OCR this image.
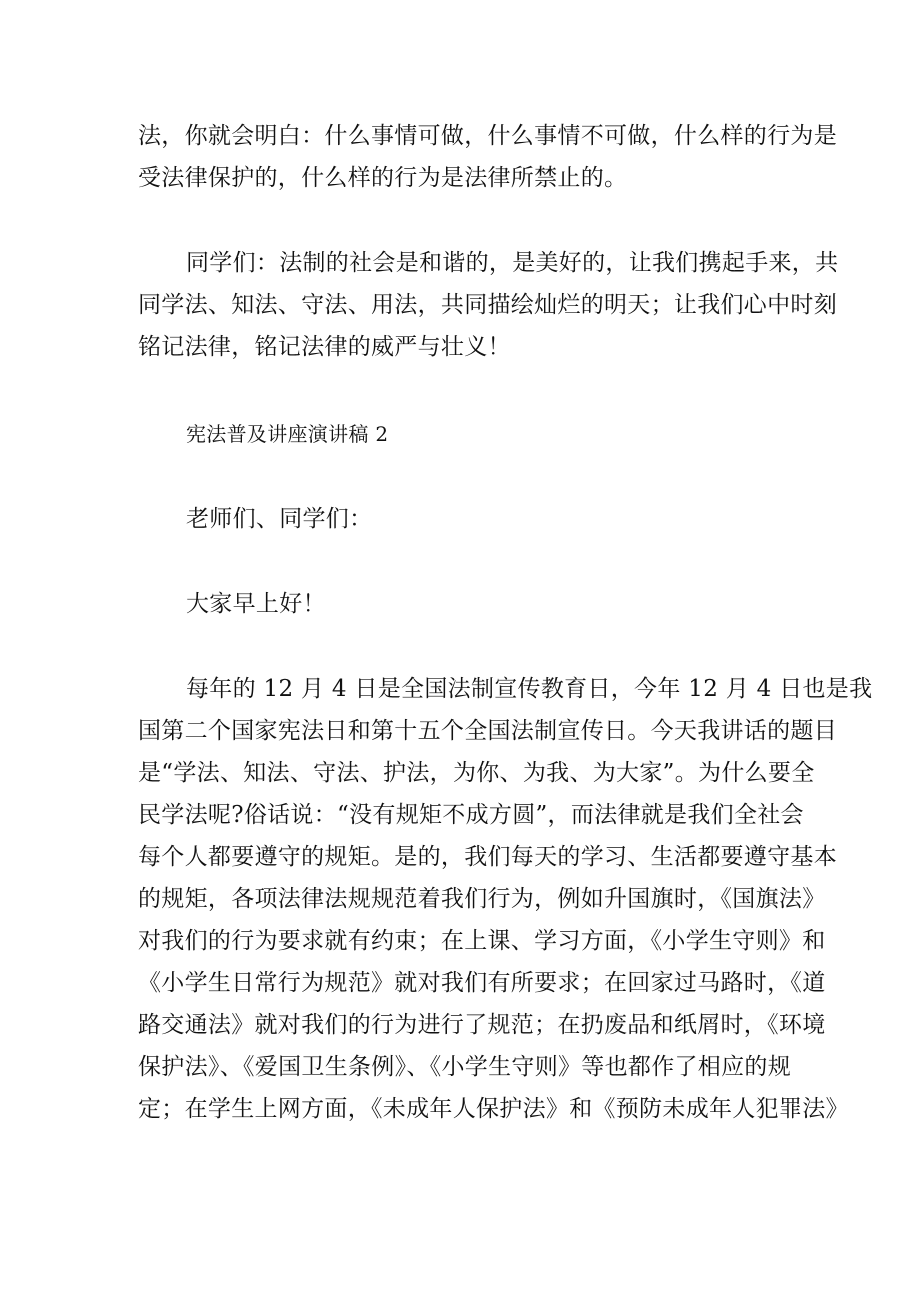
法，你就会明白：什么事情可做，什么事情不可做，什么样的行为是
受法律保护的，什么样的行为是法律所禁止的。
同学们：法制的社会是和谐的，是美好的，让我们携起手来，共
同学法、知法、守法、用法，共同描绘灿烂的明天；让我们心中时刻
铭记法律，铭记法律的威严与壮义！
宪法普及讲座演讲稿 2
老师们、同学们：
大家早上好！
每年的 12 月 4 日是全国法制宣传教育日，今年 12 月 4 日也是我
国第二个国家宪法日和第十五个全国法制宣传日。今天我讲话的题目
是“学法、知法、守法、护法，为你、为我、为大家”。为什么要全
民学法呢?俗话说：“没有规矩不成方圆”，而法律就是我们全社会
每个人都要遵守的规矩。是的，我们每天的学习、生活都要遵守基本
的规矩，各项法律法规规范着我们行为，例如升国旗时，《国旗法》
对我们的行为要求就有约束；在上课、学习方面，《小学生守则》和
《小学生日常行为规范》就对我们有所要求；在回家过马路时，《道
路交通法》就对我们的行为进行了规范；在扔废品和纸屑时，《环境
保护法》、《爱国卫生条例》、《小学生守则》等也都作了相应的规
定；在学生上网方面，《未成年人保护法》和《预防未成年人犯罪法》
